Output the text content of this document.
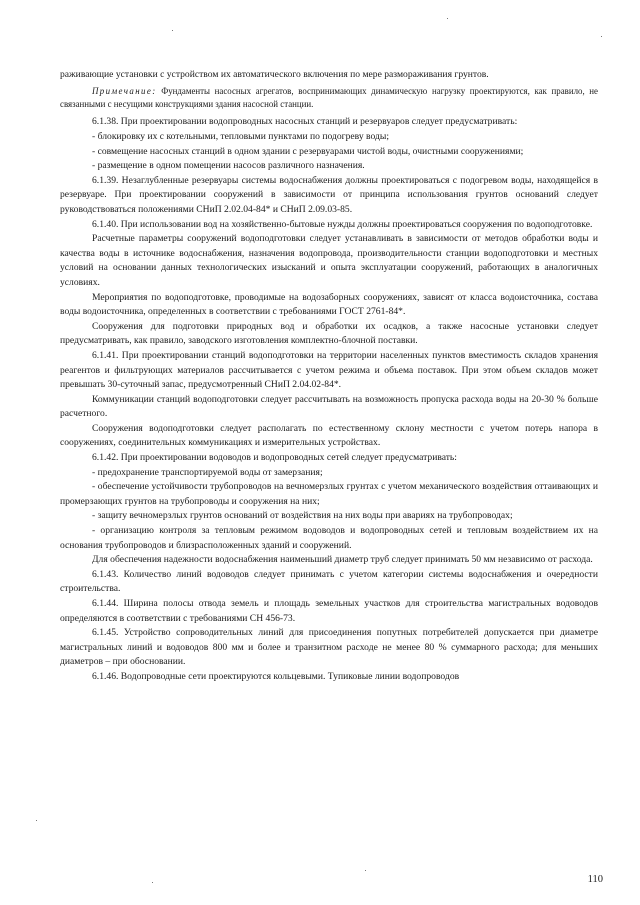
раживающие установки с устройством их автоматического включения по мере размораживания грунтов.

Примечание: Фундаменты насосных агрегатов, воспринимающих динамическую нагрузку проектируются, как правило, не связанными с несущими конструкциями здания насосной станции.

6.1.38. При проектировании водопроводных насосных станций и резервуаров следует предусматривать:

- блокировку их с котельными, тепловыми пунктами по подогреву воды;

- совмещение насосных станций в одном здании с резервуарами чистой воды, очистными сооружениями;

- размещение в одном помещении насосов различного назначения.

6.1.39. Незаглубленные резервуары системы водоснабжения должны проектироваться с подогревом воды, находящейся в резервуаре. При проектировании сооружений в зависимости от принципа использования грунтов оснований следует руководствоваться положениями СНиП 2.02.04-84* и СНиП 2.09.03-85.

6.1.40. При использовании вод на хозяйственно-бытовые нужды должны проектироваться сооружения по водоподготовке.

Расчетные параметры сооружений водоподготовки следует устанавливать в зависимости от методов обработки воды и качества воды в источнике водоснабжения, назначения водопровода, производительности станции водоподготовки и местных условий на основании данных технологических изысканий и опыта эксплуатации сооружений, работающих в аналогичных условиях.

Мероприятия по водоподготовке, проводимые на водозаборных сооружениях, зависят от класса водоисточника, состава воды водоисточника, определенных в соответствии с требованиями ГОСТ 2761-84*.

Сооружения для подготовки природных вод и обработки их осадков, а также насосные установки следует предусматривать, как правило, заводского изготовления комплектно-блочной поставки.

6.1.41. При проектировании станций водоподготовки на территории населенных пунктов вместимость складов хранения реагентов и фильтрующих материалов рассчитывается с учетом режима и объема поставок. При этом объем складов может превышать 30-суточный запас, предусмотренный СНиП 2.04.02-84*.

Коммуникации станций водоподготовки следует рассчитывать на возможность пропуска расхода воды на 20-30 % больше расчетного.

Сооружения водоподготовки следует располагать по естественному склону местности с учетом потерь напора в сооружениях, соединительных коммуникациях и измерительных устройствах.

6.1.42. При проектировании водоводов и водопроводных сетей следует предусматривать:

- предохранение транспортируемой воды от замерзания;

- обеспечение устойчивости трубопроводов на вечномерзлых грунтах с учетом механического воздействия оттаивающих и промерзающих грунтов на трубопроводы и сооружения на них;

- защиту вечномерзлых грунтов оснований от воздействия на них воды при авариях на трубопроводах;

- организацию контроля за тепловым режимом водоводов и водопроводных сетей и тепловым воздействием их на основания трубопроводов и близрасположенных зданий и сооружений.

Для обеспечения надежности водоснабжения наименьший диаметр труб следует принимать 50 мм независимо от расхода.

6.1.43. Количество линий водоводов следует принимать с учетом категории системы водоснабжения и очередности строительства.

6.1.44. Ширина полосы отвода земель и площадь земельных участков для строительства магистральных водоводов определяются в соответствии с требованиями СН 456-73.

6.1.45. Устройство сопроводительных линий для присоединения попутных потребителей допускается при диаметре магистральных линий и водоводов 800 мм и более и транзитном расходе не менее 80 % суммарного расхода; для меньших диаметров – при обосновании.

6.1.46. Водопроводные сети проектируются кольцевыми. Тупиковые линии водопроводов

110
